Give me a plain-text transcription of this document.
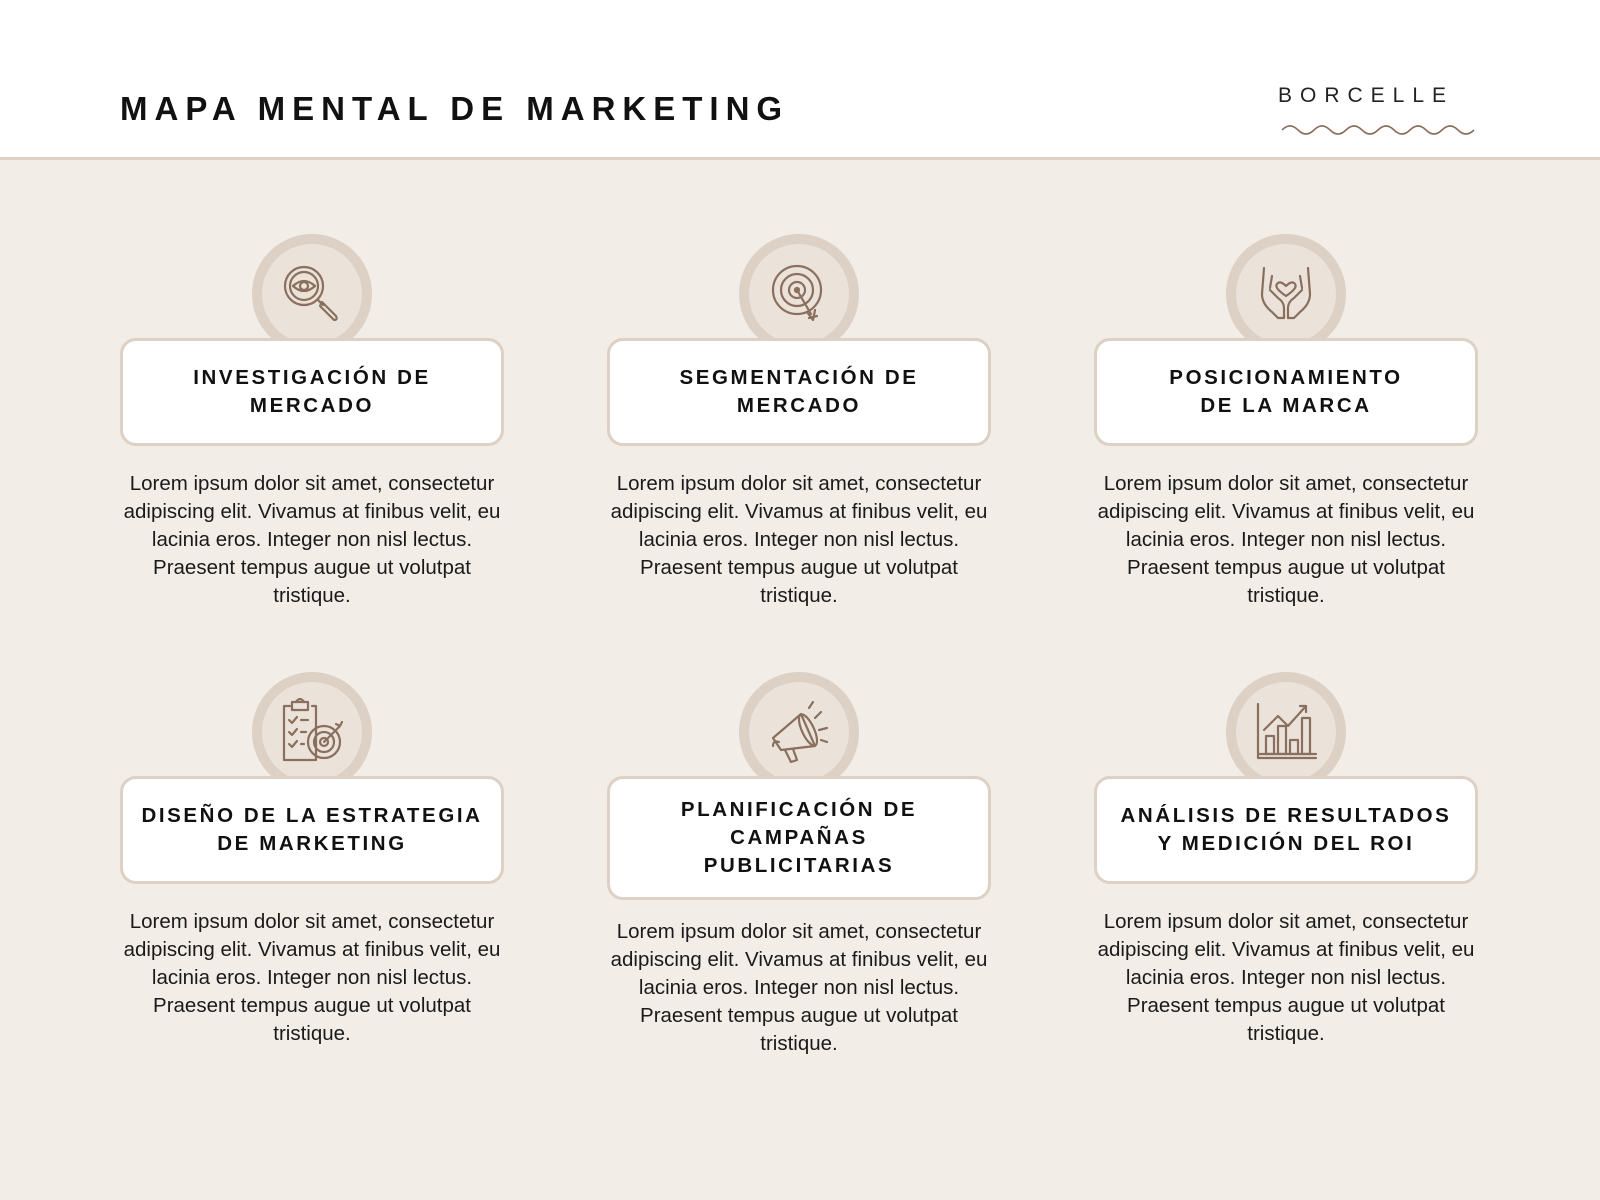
MAPA MENTAL DE MARKETING	BORCELLE
INVESTIGACIÓN DE
MERCADO
Lorem ipsum dolor sit amet, consectetur adipiscing elit. Vivamus at finibus velit, eu lacinia eros. Integer non nisl lectus. Praesent tempus augue ut volutpat tristique.
SEGMENTACIÓN DE
MERCADO
Lorem ipsum dolor sit amet, consectetur adipiscing elit. Vivamus at finibus velit, eu lacinia eros. Integer non nisl lectus. Praesent tempus augue ut volutpat tristique.
POSICIONAMIENTO
DE LA MARCA
Lorem ipsum dolor sit amet, consectetur adipiscing elit. Vivamus at finibus velit, eu lacinia eros. Integer non nisl lectus. Praesent tempus augue ut volutpat tristique.
DISEÑO DE LA ESTRATEGIA
DE MARKETING
Lorem ipsum dolor sit amet, consectetur adipiscing elit. Vivamus at finibus velit, eu lacinia eros. Integer non nisl lectus. Praesent tempus augue ut volutpat tristique.
PLANIFICACIÓN DE
CAMPAÑAS
PUBLICITARIAS
Lorem ipsum dolor sit amet, consectetur adipiscing elit. Vivamus at finibus velit, eu lacinia eros. Integer non nisl lectus. Praesent tempus augue ut volutpat tristique.
ANÁLISIS DE RESULTADOS
Y MEDICIÓN DEL ROI
Lorem ipsum dolor sit amet, consectetur adipiscing elit. Vivamus at finibus velit, eu lacinia eros. Integer non nisl lectus. Praesent tempus augue ut volutpat tristique.
